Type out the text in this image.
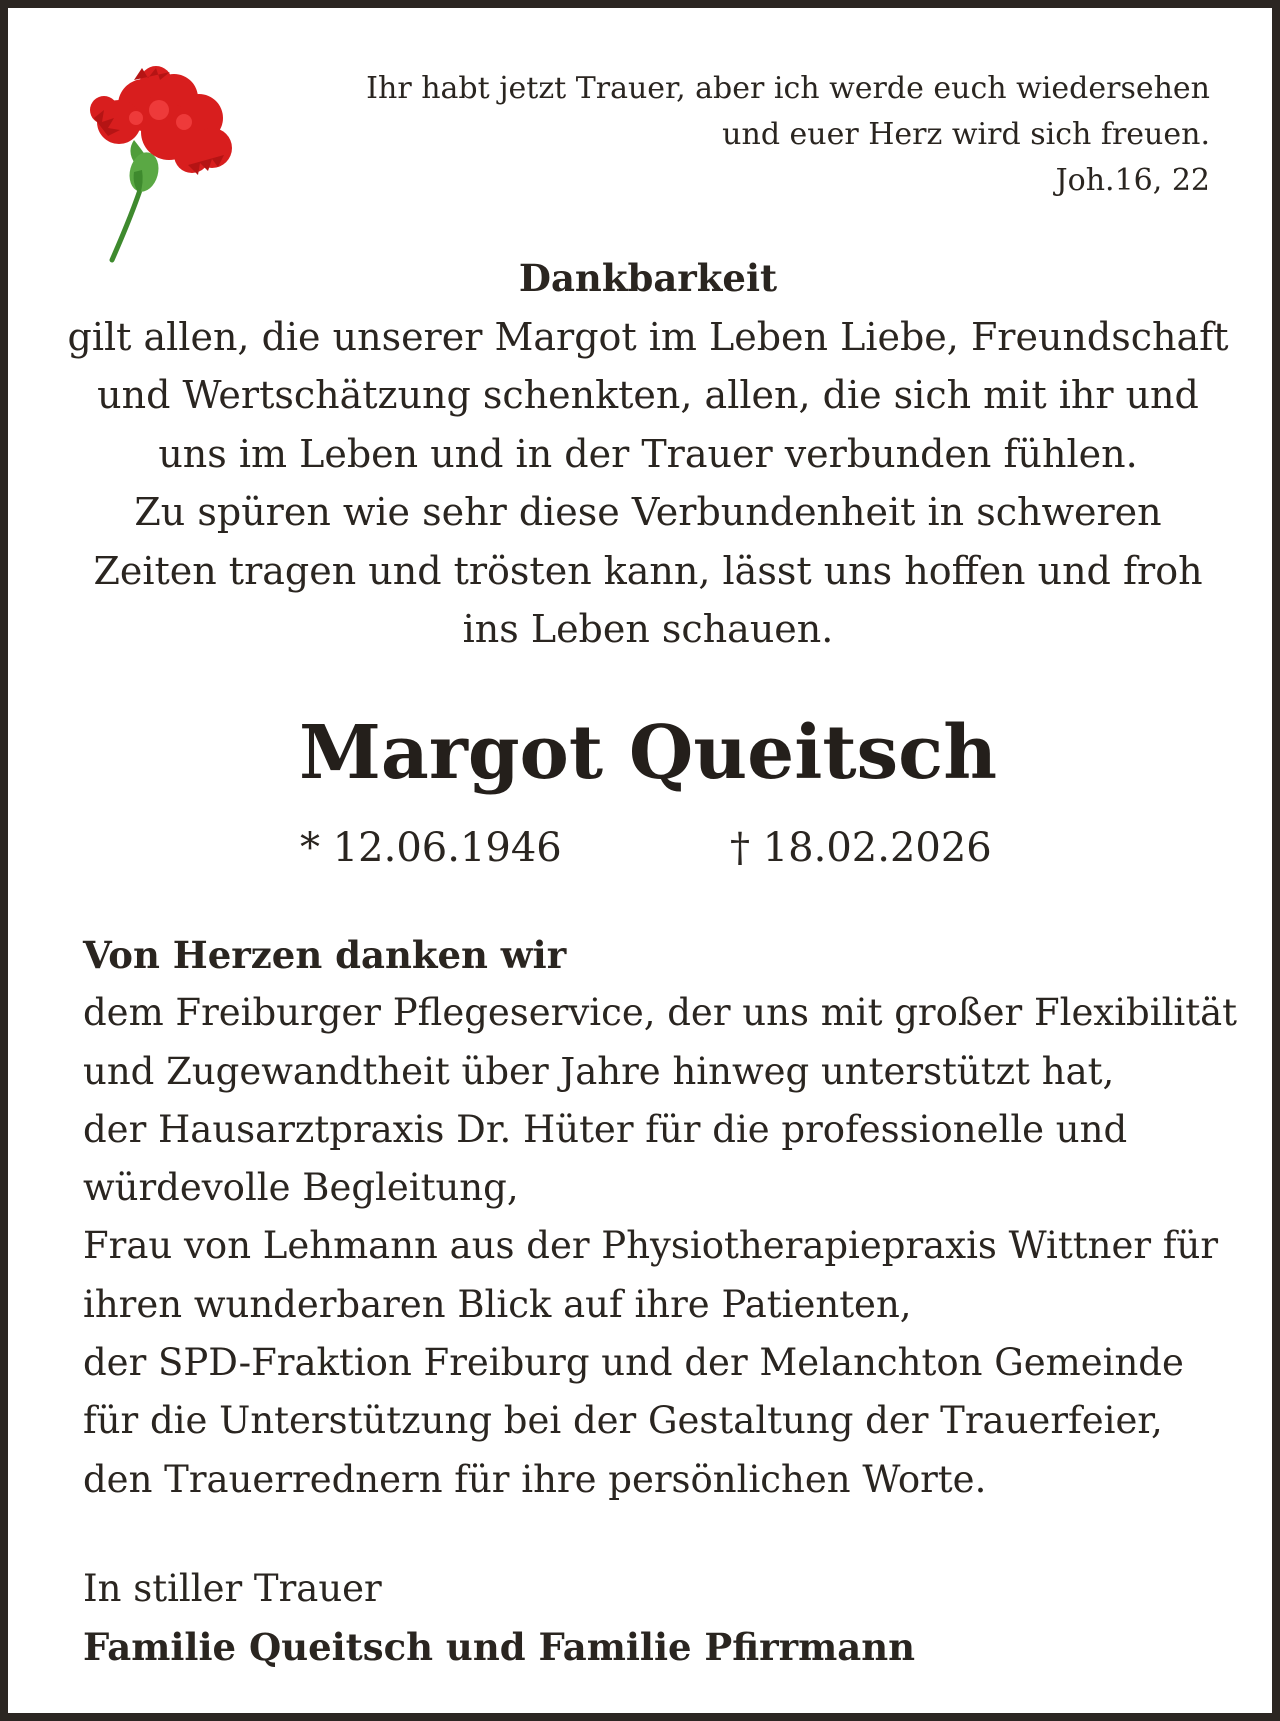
Ihr habt jetzt Trauer, aber ich werde euch wiedersehen
und euer Herz wird sich freuen.
Joh.16, 22
Dankbarkeit
gilt allen, die unserer Margot im Leben Liebe, Freundschaft
und Wertschätzung schenkten, allen, die sich mit ihr und
uns im Leben und in der Trauer verbunden fühlen.
Zu spüren wie sehr diese Verbundenheit in schweren
Zeiten tragen und trösten kann, lässt uns hoffen und froh
ins Leben schauen.
Margot Queitsch
* 12.06.1946	† 18.02.2026
Von Herzen danken wir
dem Freiburger Pflegeservice, der uns mit großer Flexibilität
und Zugewandtheit über Jahre hinweg unterstützt hat,
der Hausarztpraxis Dr. Hüter für die professionelle und
würdevolle Begleitung,
Frau von Lehmann aus der Physiotherapiepraxis Wittner für
ihren wunderbaren Blick auf ihre Patienten,
der SPD-Fraktion Freiburg und der Melanchton Gemeinde
für die Unterstützung bei der Gestaltung der Trauerfeier,
den Trauerrednern für ihre persönlichen Worte.
In stiller Trauer
Familie Queitsch und Familie Pfirrmann
